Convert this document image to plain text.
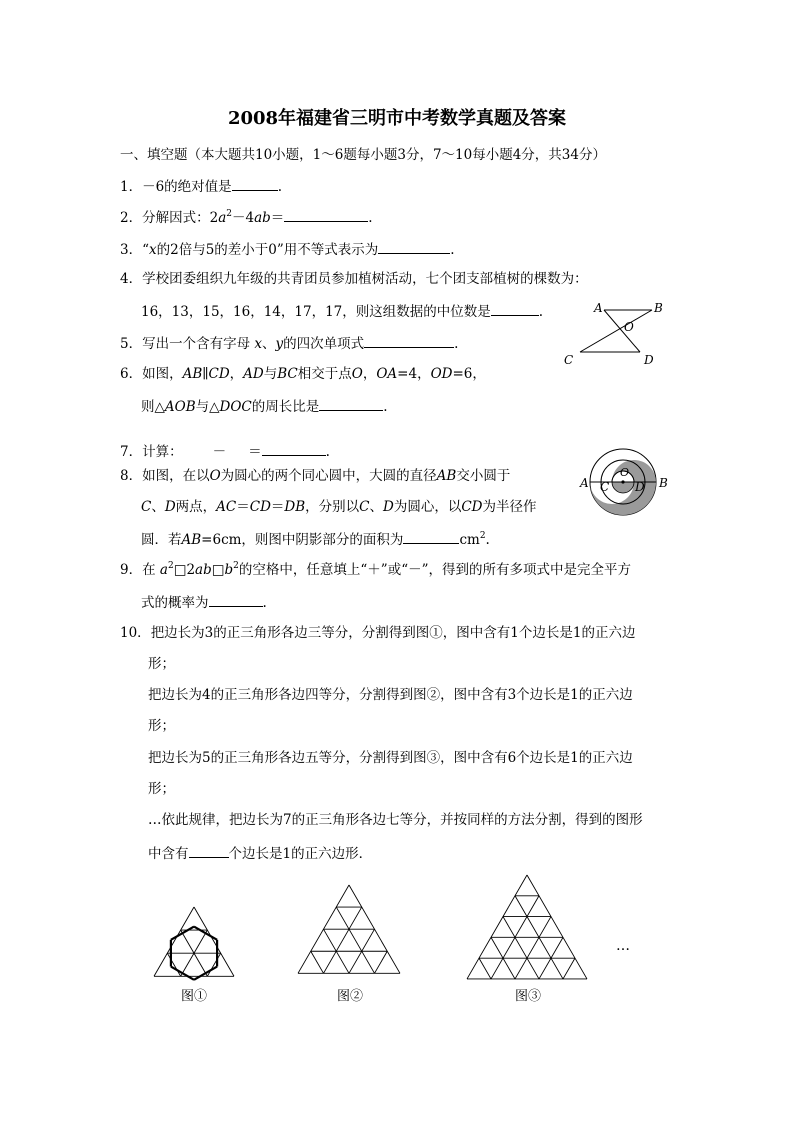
2008年福建省三明市中考数学真题及答案
一、填空题（本大题共10小题，1～6题每小题3分，7～10每小题4分，共34分）
1．－6的绝对值是	.
2．分解因式：$2a^2-4ab=$	.
3．“x的2倍与5的差小于0”用不等式表示为	.
4．学校团委组织九年级的共青团员参加植树活动，七个团支部植树的棵数为：
16，13，15，16，14，17，17，则这组数据的中位数是	.
5．写出一个含有字母 x、y的四次单项式	.
6．如图，AB∥CD，AD与BC相交于点O，OA=4，OD=6，
则△AOB与△DOC的周长比是	.
A	B
O
C	D
7．计算： － ＝	.
8．如图，在以O为圆心的两个同心圆中，大圆的直径AB交小圆于
C、D两点，AC＝CD＝DB，分别以C、D为圆心，以CD为半径作
圆．若AB=6cm，则图中阴影部分的面积为	$cm^2$.
A	B
O
C D
9．在 $a^2□2ab□b^2$的空格中，任意填上“＋”或“－”，得到的所有多项式中是完全平方
式的概率为	.
10．把边长为3的正三角形各边三等分，分割得到图①，图中含有1个边长是1的正六边
形；
把边长为4的正三角形各边四等分，分割得到图②，图中含有3个边长是1的正六边
形；
把边长为5的正三角形各边五等分，分割得到图③，图中含有6个边长是1的正六边
形；
…依此规律，把边长为7的正三角形各边七等分，并按同样的方法分割，得到的图形
中含有	个边长是1的正六边形．
图①	图②	图③
…
